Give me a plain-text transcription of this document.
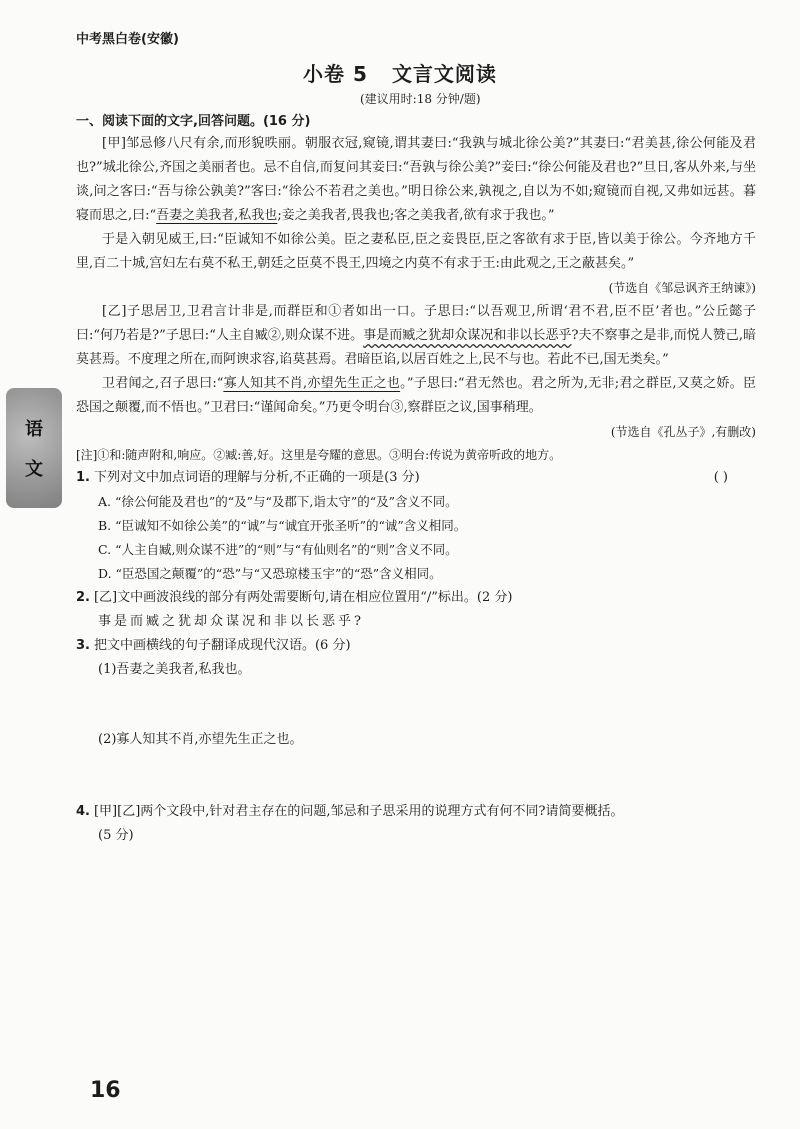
中考黑白卷(安徽)
小卷 5 文言文阅读
(建议用时:18 分钟/题)
语
文
一、阅读下面的文字,回答问题。(16 分)

[甲]邹忌修八尺有余,而形貌昳丽。朝服衣冠,窥镜,谓其妻曰:“我孰与城北徐公美?”其妻曰:“君美甚,徐公何能及君也?”城北徐公,齐国之美丽者也。忌不自信,而复问其妾曰:“吾孰与徐公美?”妾曰:“徐公何能及君也?”旦日,客从外来,与坐谈,问之客曰:“吾与徐公孰美?”客曰:“徐公不若君之美也。”明日徐公来,孰视之,自以为不如;窥镜而自视,又弗如远甚。暮寝而思之,曰:“吾妻之美我者,私我也;妾之美我者,畏我也;客之美我者,欲有求于我也。”

于是入朝见威王,曰:“臣诚知不如徐公美。臣之妻私臣,臣之妾畏臣,臣之客欲有求于臣,皆以美于徐公。今齐地方千里,百二十城,宫妇左右莫不私王,朝廷之臣莫不畏王,四境之内莫不有求于王:由此观之,王之蔽甚矣。”

(节选自《邹忌讽齐王纳谏》)

[乙]子思居卫,卫君言计非是,而群臣和①者如出一口。子思曰:“以吾观卫,所谓‘君不君,臣不臣’者也。”公丘懿子曰:“何乃若是?”子思曰:“人主自臧②,则众谋不进。事是而臧之犹却众谋况和非以长恶乎?夫不察事之是非,而悦人赞己,暗莫甚焉。不度理之所在,而阿谀求容,谄莫甚焉。君暗臣谄,以居百姓之上,民不与也。若此不已,国无类矣。”

卫君闻之,召子思曰:“寡人知其不肖,亦望先生正之也。”子思曰:“君无然也。君之所为,无非;君之群臣,又莫之娇。臣恐国之颠覆,而不悟也。”卫君曰:“谨闻命矣。”乃更令明台③,察群臣之议,国事稍理。

(节选自《孔丛子》,有删改)

[注]①和:随声附和,响应。②臧:善,好。这里是夸耀的意思。③明台:传说为黄帝听政的地方。

1. 下列对文中加点词语的理解与分析,不正确的一项是(3 分)	( )

A. “徐公何能及君也”的“及”与“及郡下,诣太守”的“及”含义不同。

B. “臣诚知不如徐公美”的“诚”与“诚宜开张圣听”的“诚”含义相同。

C. “人主自臧,则众谋不进”的“则”与“有仙则名”的“则”含义不同。

D. “臣恐国之颠覆”的“恐”与“又恐琼楼玉宇”的“恐”含义相同。

2. [乙]文中画波浪线的部分有两处需要断句,请在相应位置用“/”标出。(2 分)

事是而臧之犹却众谋况和非以长恶乎?

3. 把文中画横线的句子翻译成现代汉语。(6 分)

(1)吾妻之美我者,私我也。

(2)寡人知其不肖,亦望先生正之也。

4. [甲][乙]两个文段中,针对君主存在的问题,邹忌和子思采用的说理方式有何不同?请简要概括。

(5 分)

16
